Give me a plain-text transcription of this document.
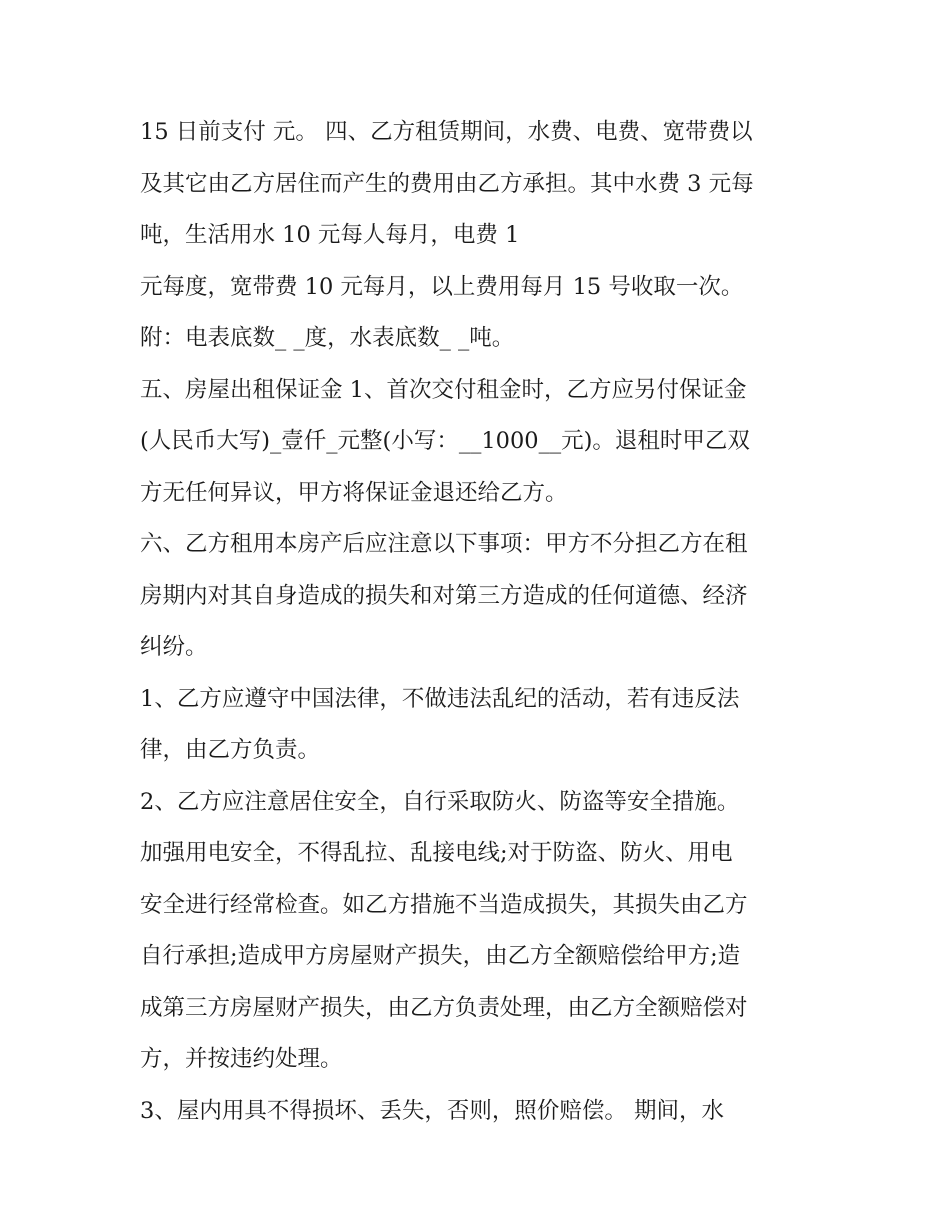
15 日前支付 元。 四、乙方租赁期间，水费、电费、宽带费以
及其它由乙方居住而产生的费用由乙方承担。其中水费 3 元每
吨，生活用水 10 元每人每月，电费 1
元每度，宽带费 10 元每月，以上费用每月 15 号收取一次。
附：电表底数_ _度，水表底数_ _吨。
五、房屋出租保证金 1、首次交付租金时，乙方应另付保证金
(人民币大写)_壹仟_元整(小写：__1000__元)。退租时甲乙双
方无任何异议，甲方将保证金退还给乙方。
六、乙方租用本房产后应注意以下事项：甲方不分担乙方在租
房期内对其自身造成的损失和对第三方造成的任何道德、经济
纠纷。
1、乙方应遵守中国法律，不做违法乱纪的活动，若有违反法
律，由乙方负责。
2、乙方应注意居住安全，自行采取防火、防盗等安全措施。
加强用电安全，不得乱拉、乱接电线;对于防盗、防火、用电
安全进行经常检查。如乙方措施不当造成损失，其损失由乙方
自行承担;造成甲方房屋财产损失，由乙方全额赔偿给甲方;造
成第三方房屋财产损失，由乙方负责处理，由乙方全额赔偿对
方，并按违约处理。
3、屋内用具不得损坏、丢失，否则，照价赔偿。 期间，水
